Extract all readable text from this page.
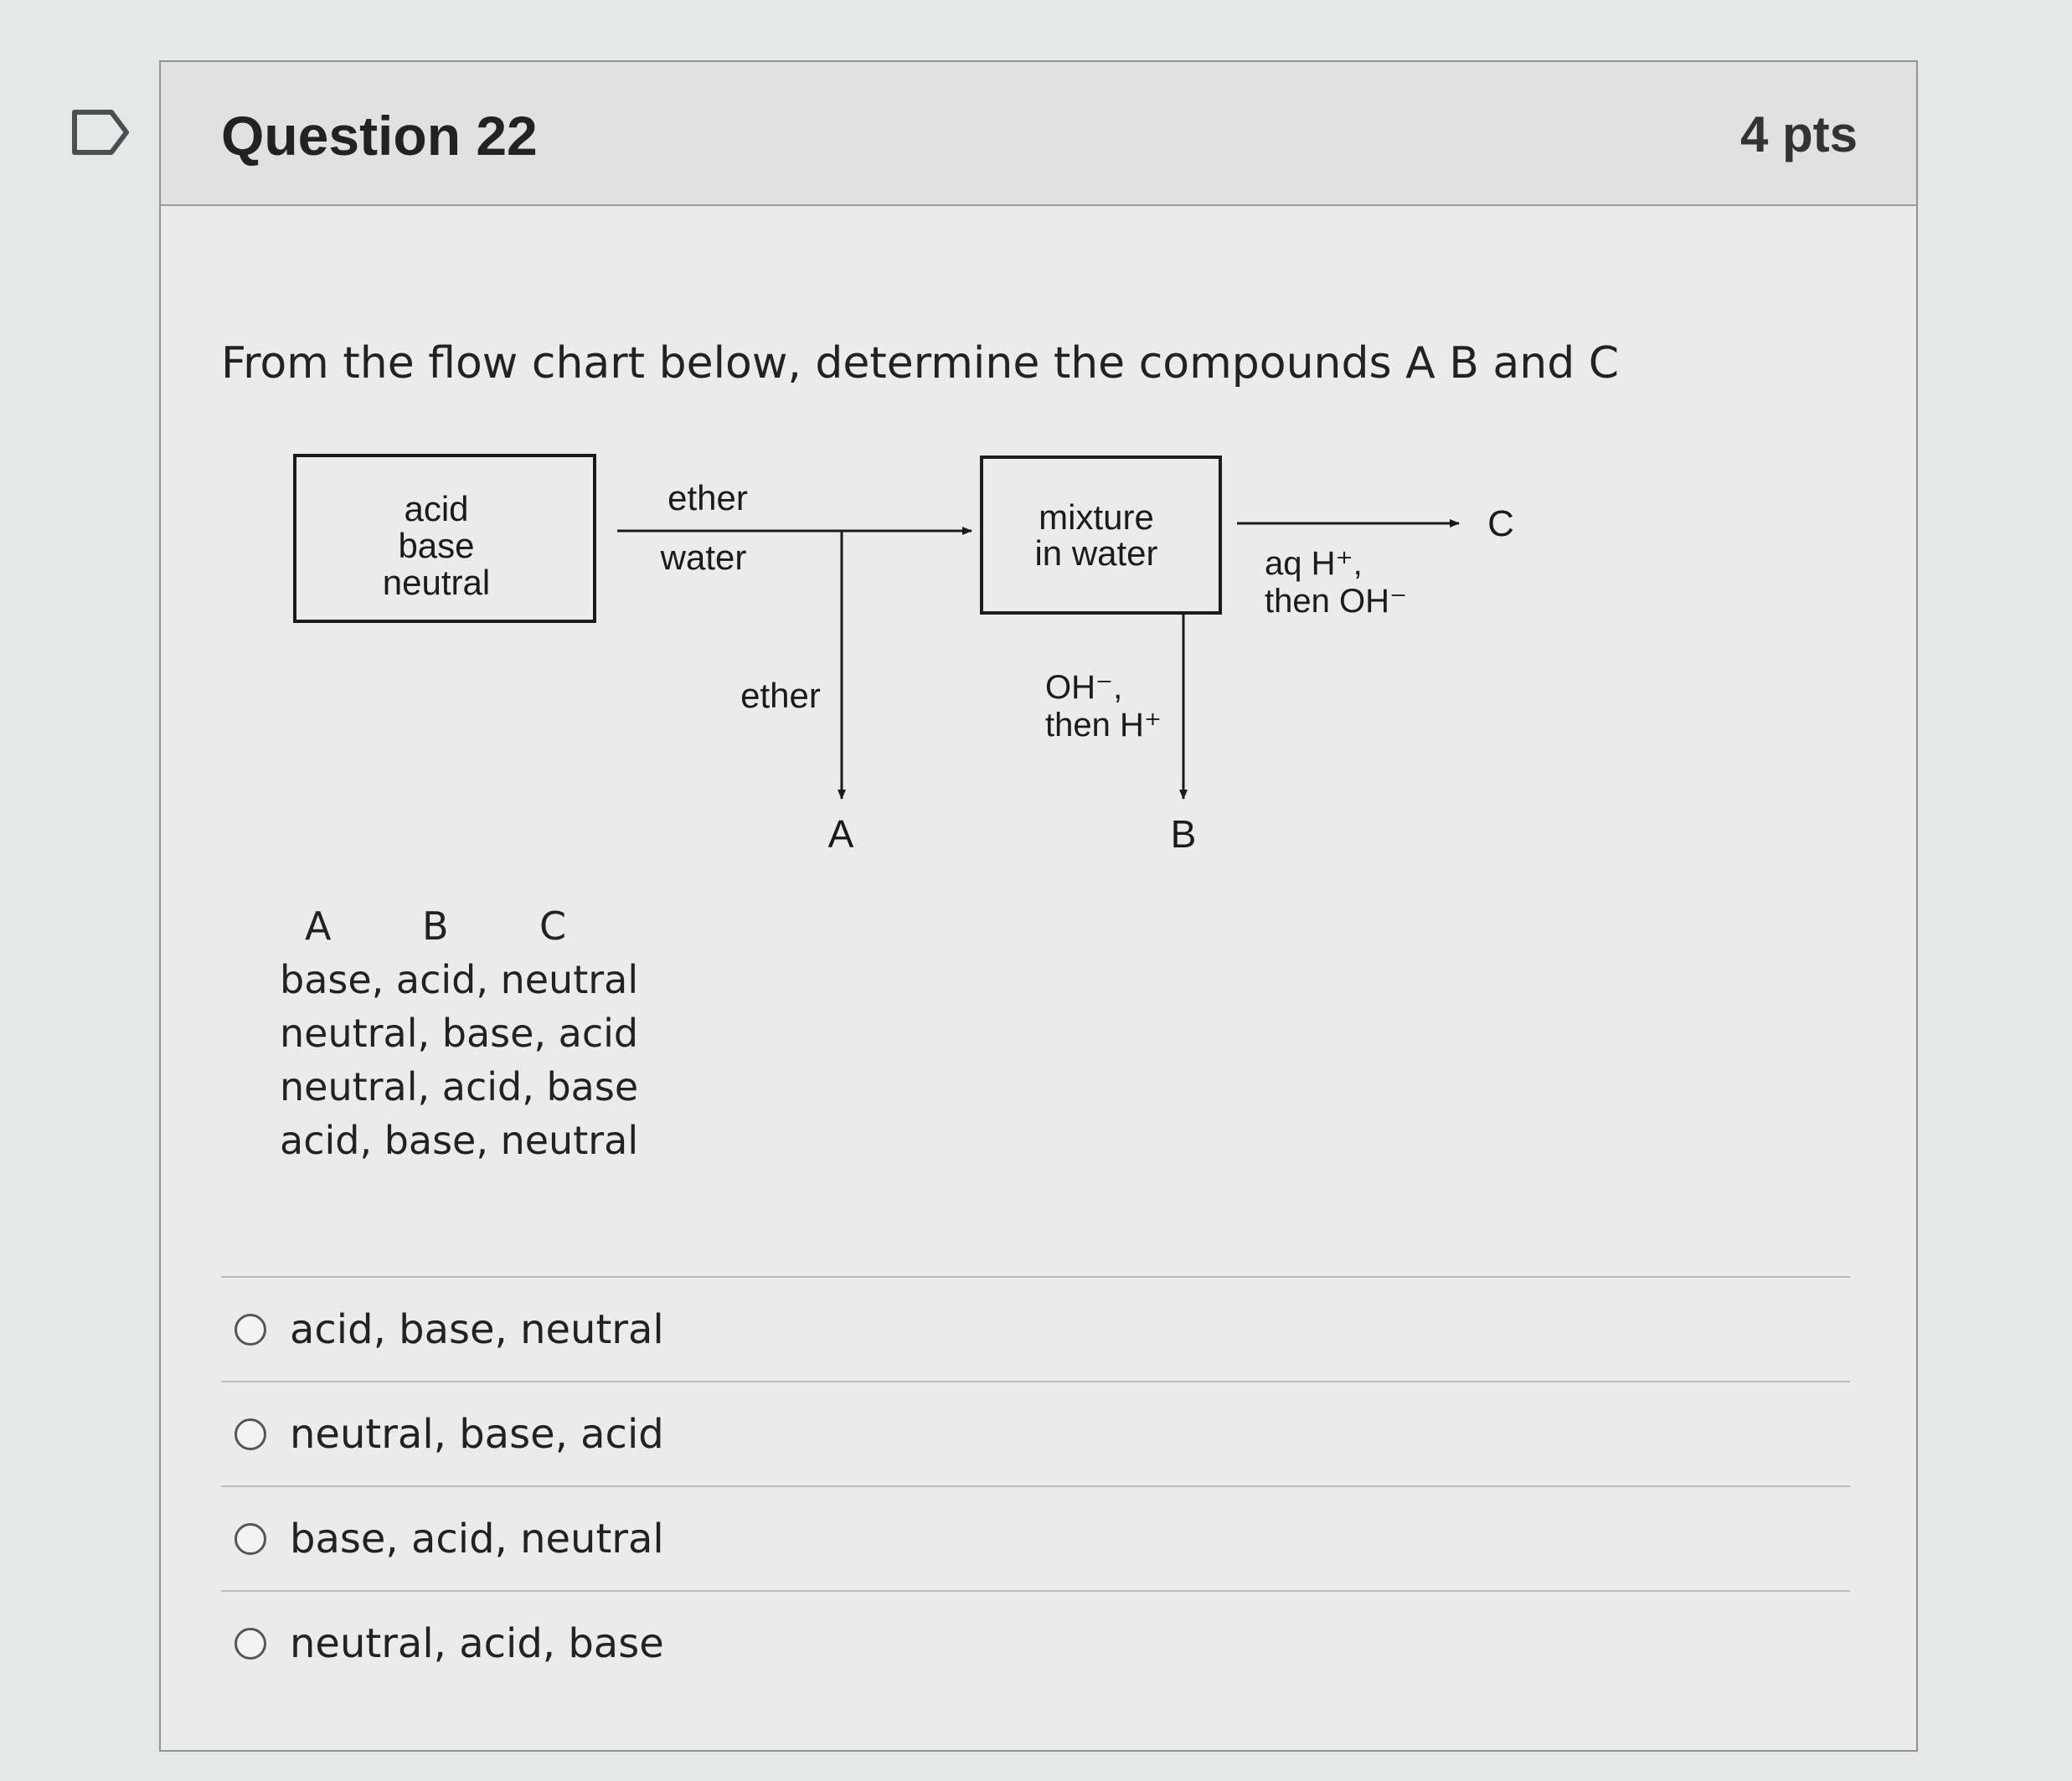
Question 22	4 pts
From the flow chart below, determine the compounds A B and C
acid
base
neutral
ether
water
ether
A
mixture
in water
C
aq H⁺,
then OH⁻
OH⁻,
then H⁺
B
A	B	C
base, acid, neutral
neutral, base, acid
neutral, acid, base
acid, base, neutral
acid, base, neutral
neutral, base, acid
base, acid, neutral
neutral, acid, base
